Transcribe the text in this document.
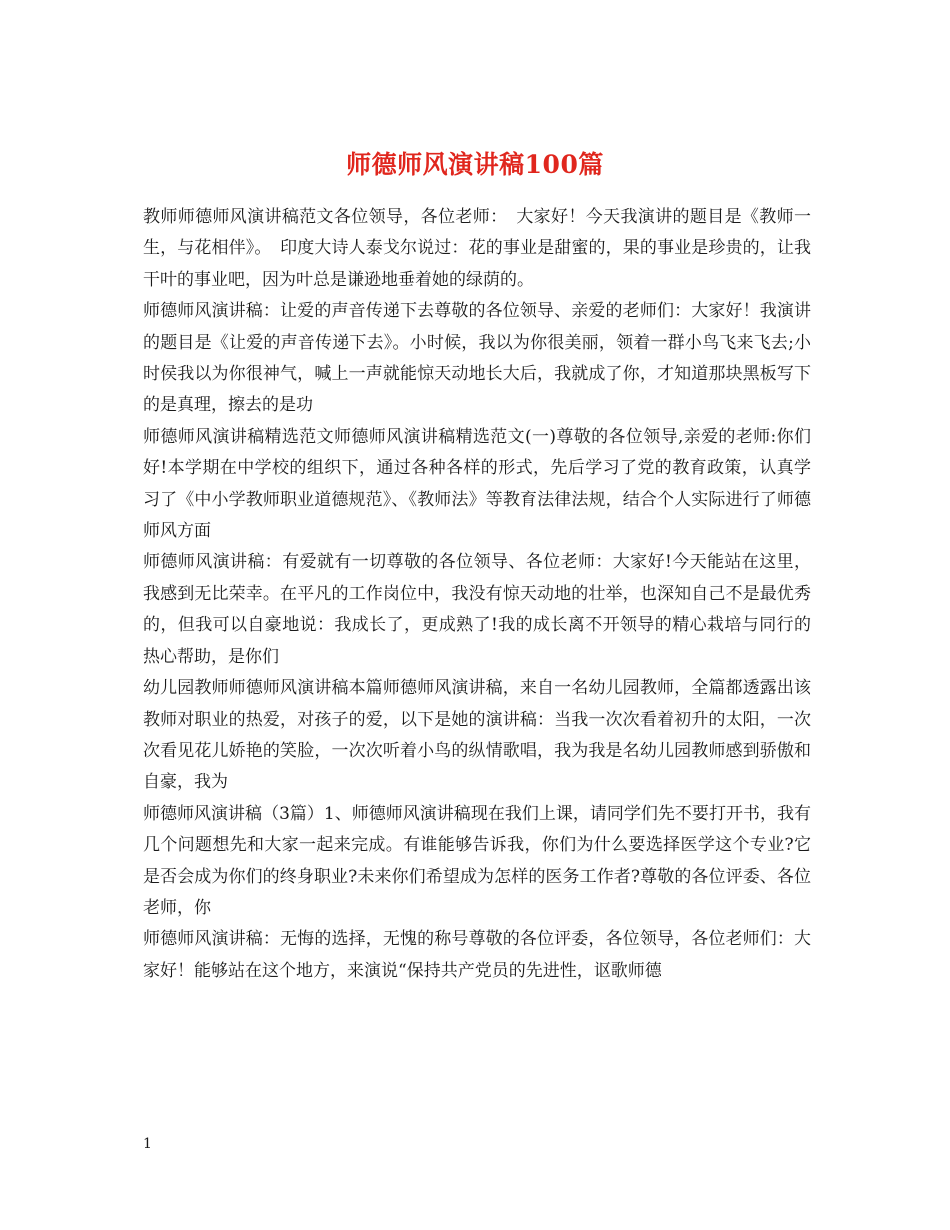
师德师风演讲稿100篇

教师师德师风演讲稿范文各位领导，各位老师：　大家好！今天我演讲的题目是《教师一生，与花相伴》。　印度大诗人泰戈尔说过：花的事业是甜蜜的，果的事业是珍贵的，让我干叶的事业吧，因为叶总是谦逊地垂着她的绿荫的。

师德师风演讲稿：让爱的声音传递下去尊敬的各位领导、亲爱的老师们：大家好！我演讲的题目是《让爱的声音传递下去》。小时候，我以为你很美丽，领着一群小鸟飞来飞去;小时侯我以为你很神气，喊上一声就能惊天动地长大后，我就成了你，才知道那块黑板写下的是真理，擦去的是功

师德师风演讲稿精选范文师德师风演讲稿精选范文(一)尊敬的各位领导,亲爱的老师:你们好!本学期在中学校的组织下，通过各种各样的形式，先后学习了党的教育政策，认真学习了《中小学教师职业道德规范》、《教师法》等教育法律法规，结合个人实际进行了师德师风方面

师德师风演讲稿：有爱就有一切尊敬的各位领导、各位老师：大家好!今天能站在这里，我感到无比荣幸。在平凡的工作岗位中，我没有惊天动地的壮举，也深知自己不是最优秀的，但我可以自豪地说：我成长了，更成熟了!我的成长离不开领导的精心栽培与同行的热心帮助，是你们

幼儿园教师师德师风演讲稿本篇师德师风演讲稿，来自一名幼儿园教师，全篇都透露出该教师对职业的热爱，对孩子的爱，以下是她的演讲稿：当我一次次看着初升的太阳，一次次看见花儿娇艳的笑脸，一次次听着小鸟的纵情歌唱，我为我是名幼儿园教师感到骄傲和自豪，我为

师德师风演讲稿（3篇）1、师德师风演讲稿现在我们上课，请同学们先不要打开书，我有几个问题想先和大家一起来完成。有谁能够告诉我，你们为什么要选择医学这个专业?它是否会成为你们的终身职业?未来你们希望成为怎样的医务工作者?尊敬的各位评委、各位老师，你

师德师风演讲稿：无悔的选择，无愧的称号尊敬的各位评委，各位领导，各位老师们：大家好！能够站在这个地方，来演说“保持共产党员的先进性，讴歌师德

1
